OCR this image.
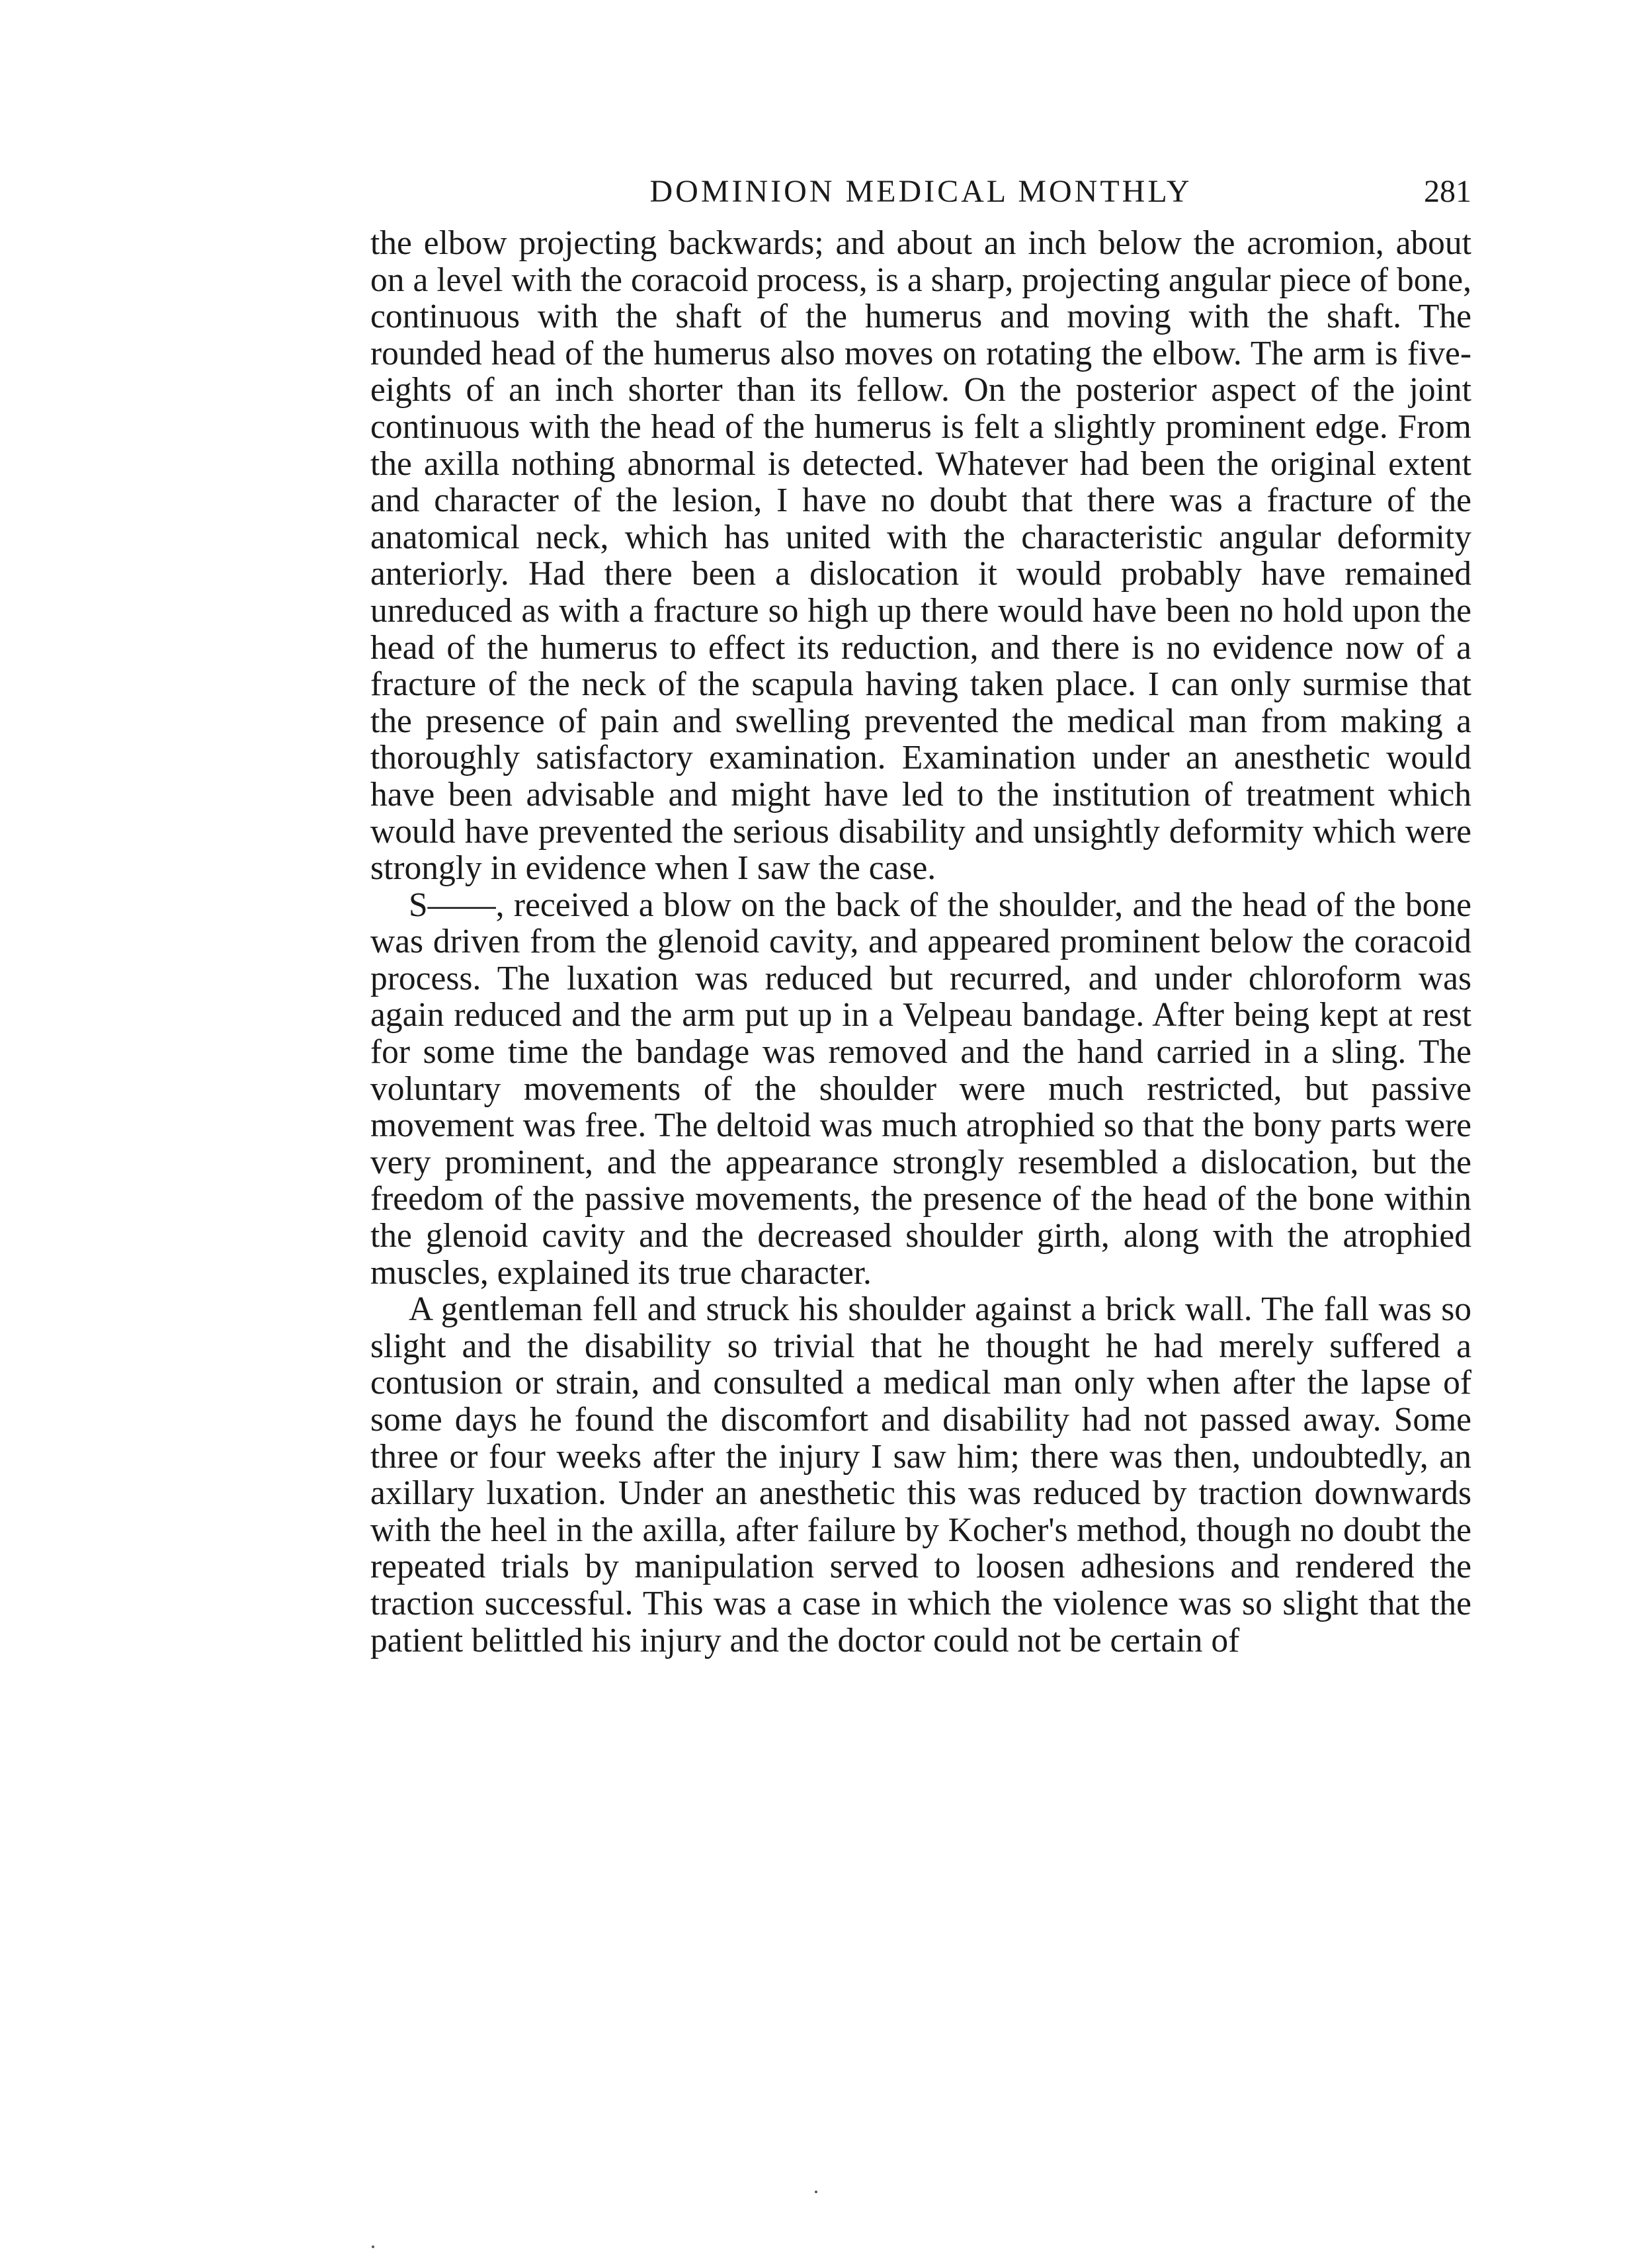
DOMINION MEDICAL MONTHLY	281

the elbow projecting backwards; and about an inch below the acromion, about on a level with the coracoid process, is a sharp, projecting angular piece of bone, continuous with the shaft of the humerus and moving with the shaft. The rounded head of the humerus also moves on rotating the elbow. The arm is five-eights of an inch shorter than its fellow. On the posterior aspect of the joint continuous with the head of the humerus is felt a slightly prominent edge. From the axilla nothing abnormal is detected. Whatever had been the original extent and character of the lesion, I have no doubt that there was a fracture of the anatomical neck, which has united with the characteristic angular deformity anteriorly. Had there been a dislocation it would probably have remained unreduced as with a fracture so high up there would have been no hold upon the head of the humerus to effect its reduction, and there is no evidence now of a fracture of the neck of the scapula having taken place. I can only surmise that the presence of pain and swelling prevented the medical man from making a thoroughly satisfactory examination. Examination under an anesthetic would have been advisable and might have led to the institution of treatment which would have prevented the serious disability and unsightly deformity which were strongly in evidence when I saw the case.

S——, received a blow on the back of the shoulder, and the head of the bone was driven from the glenoid cavity, and appeared prominent below the coracoid process. The luxation was reduced but recurred, and under chloroform was again reduced and the arm put up in a Velpeau bandage. After being kept at rest for some time the bandage was removed and the hand carried in a sling. The voluntary movements of the shoulder were much restricted, but passive movement was free. The deltoid was much atrophied so that the bony parts were very prominent, and the appearance strongly resembled a dislocation, but the freedom of the passive movements, the presence of the head of the bone within the glenoid cavity and the decreased shoulder girth, along with the atrophied muscles, explained its true character.

A gentleman fell and struck his shoulder against a brick wall. The fall was so slight and the disability so trivial that he thought he had merely suffered a contusion or strain, and consulted a medical man only when after the lapse of some days he found the discomfort and disability had not passed away. Some three or four weeks after the injury I saw him; there was then, undoubtedly, an axillary luxation. Under an anesthetic this was reduced by traction downwards with the heel in the axilla, after failure by Kocher's method, though no doubt the repeated trials by manipulation served to loosen adhesions and rendered the traction successful. This was a case in which the violence was so slight that the patient belittled his injury and the doctor could not be certain of
